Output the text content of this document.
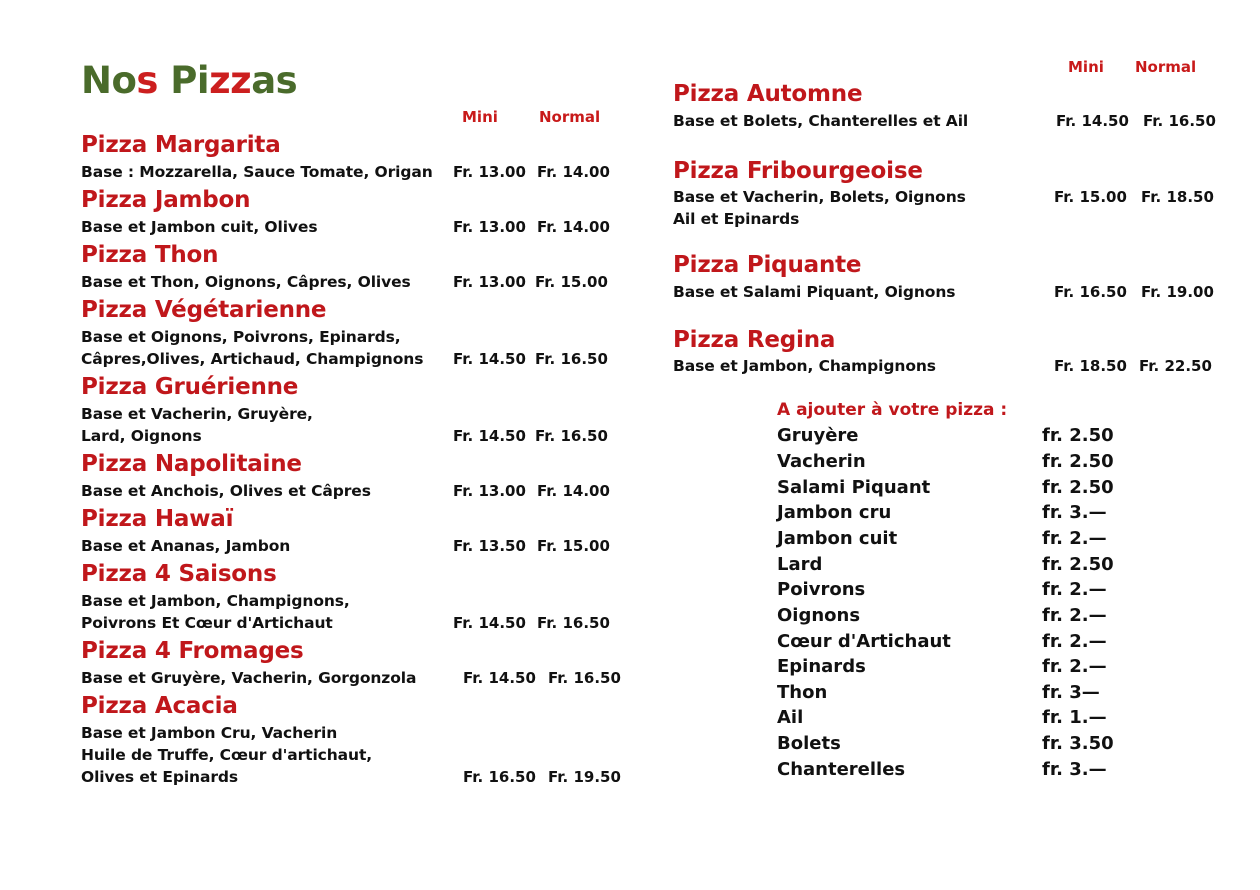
Nos Pizzas
Mini	Normal
Mini Normal
Pizza Margarita
Base : Mozzarella, Sauce Tomate, Origan Fr. 13.00 Fr. 14.00
Pizza Jambon
Base et Jambon cuit, Olives	Fr. 13.00 Fr. 14.00
Pizza Thon
Base et Thon, Oignons, Câpres, Olives	Fr. 13.00 Fr. 15.00
Pizza Végétarienne
Base et Oignons, Poivrons, Epinards,
Câpres,Olives, Artichaud, Champignons Fr. 14.50 Fr. 16.50
Pizza Gruérienne
Base et Vacherin, Gruyère,
Lard, Oignons	Fr. 14.50 Fr. 16.50
Pizza Napolitaine
Base et Anchois, Olives et Câpres	Fr. 13.00 Fr. 14.00
Pizza Hawaï
Base et Ananas, Jambon	Fr. 13.50 Fr. 15.00
Pizza 4 Saisons
Base et Jambon, Champignons,
Poivrons Et Cœur d'Artichaut	Fr. 14.50 Fr. 16.50
Pizza 4 Fromages
Base et Gruyère, Vacherin, Gorgonzola	Fr. 14.50 Fr. 16.50
Pizza Acacia
Base et Jambon Cru, Vacherin
Huile de Truffe, Cœur d'artichaut,
Olives et Epinards	Fr. 16.50 Fr. 19.50
Pizza Automne
Base et Bolets, Chanterelles et Ail	Fr. 14.50 Fr. 16.50
Pizza Fribourgeoise
Base et Vacherin, Bolets, Oignons
Ail et Epinards
Fr. 15.00 Fr. 18.50
Pizza Piquante
Base et Salami Piquant, Oignons	Fr. 16.50 Fr. 19.00
Pizza Regina
Base et Jambon, Champignons	Fr. 18.50 Fr. 22.50
A ajouter à votre pizza :
Gruyère	fr. 2.50
Vacherin	fr. 2.50
Salami Piquant	fr. 2.50
Jambon cru	fr. 3.—
Jambon cuit	fr. 2.—
Lard	fr. 2.50
Poivrons	fr. 2.—
Oignons	fr. 2.—
Cœur d'Artichaut	fr. 2.—
Epinards	fr. 2.—
Thon	fr. 3—
Ail	fr. 1.—
Bolets	fr. 3.50
Chanterelles	fr. 3.—
